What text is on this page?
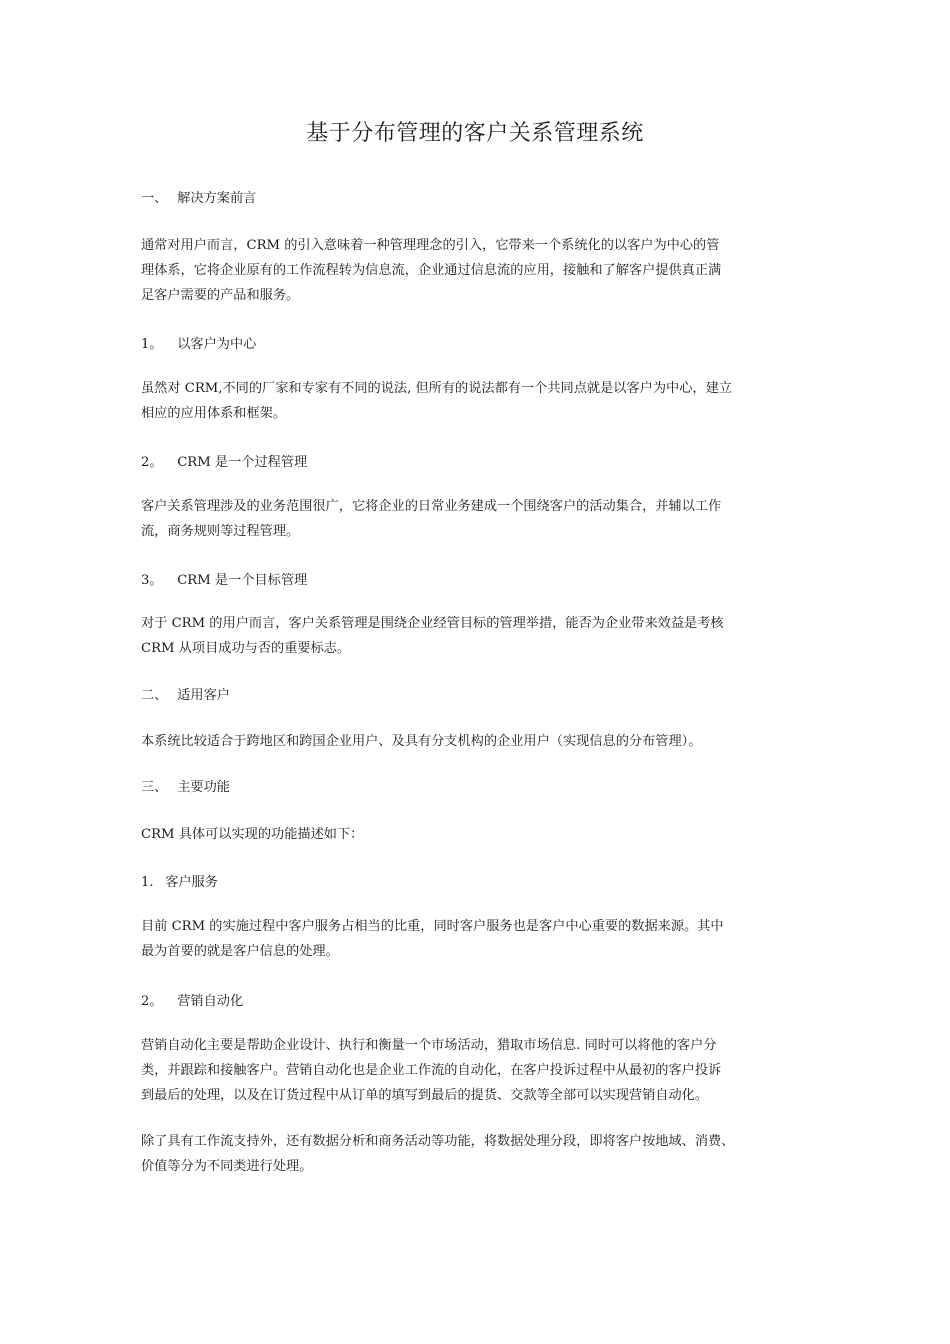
基于分布管理的客户关系管理系统
一、 解决方案前言
通常对用户而言，CRM 的引入意味着一种管理理念的引入，它带来一个系统化的以客户为中心的管
理体系，它将企业原有的工作流程转为信息流，企业通过信息流的应用，接触和了解客户提供真正满
足客户需要的产品和服务。
1。 以客户为中心
虽然对 CRM,不同的厂家和专家有不同的说法, 但所有的说法都有一个共同点就是以客户为中心，建立
相应的应用体系和框架。
2。 CRM 是一个过程管理
客户关系管理涉及的业务范围很广，它将企业的日常业务建成一个围绕客户的活动集合，并辅以工作
流，商务规则等过程管理。
3。 CRM 是一个目标管理
对于 CRM 的用户而言，客户关系管理是围绕企业经管目标的管理举措，能否为企业带来效益是考核
CRM 从项目成功与否的重要标志。
二、 适用客户
本系统比较适合于跨地区和跨国企业用户、及具有分支机构的企业用户（实现信息的分布管理）。
三、 主要功能
CRM 具体可以实现的功能描述如下：
1. 客户服务
目前 CRM 的实施过程中客户服务占相当的比重，同时客户服务也是客户中心重要的数据来源。其中
最为首要的就是客户信息的处理。
2。 营销自动化
营销自动化主要是帮助企业设计、执行和衡量一个市场活动，猎取市场信息. 同时可以将他的客户分
类，并跟踪和接触客户。营销自动化也是企业工作流的自动化，在客户投诉过程中从最初的客户投诉
到最后的处理，以及在订货过程中从订单的填写到最后的提货、交款等全部可以实现营销自动化。
除了具有工作流支持外，还有数据分析和商务活动等功能，将数据处理分段，即将客户按地域、消费、
价值等分为不同类进行处理。
